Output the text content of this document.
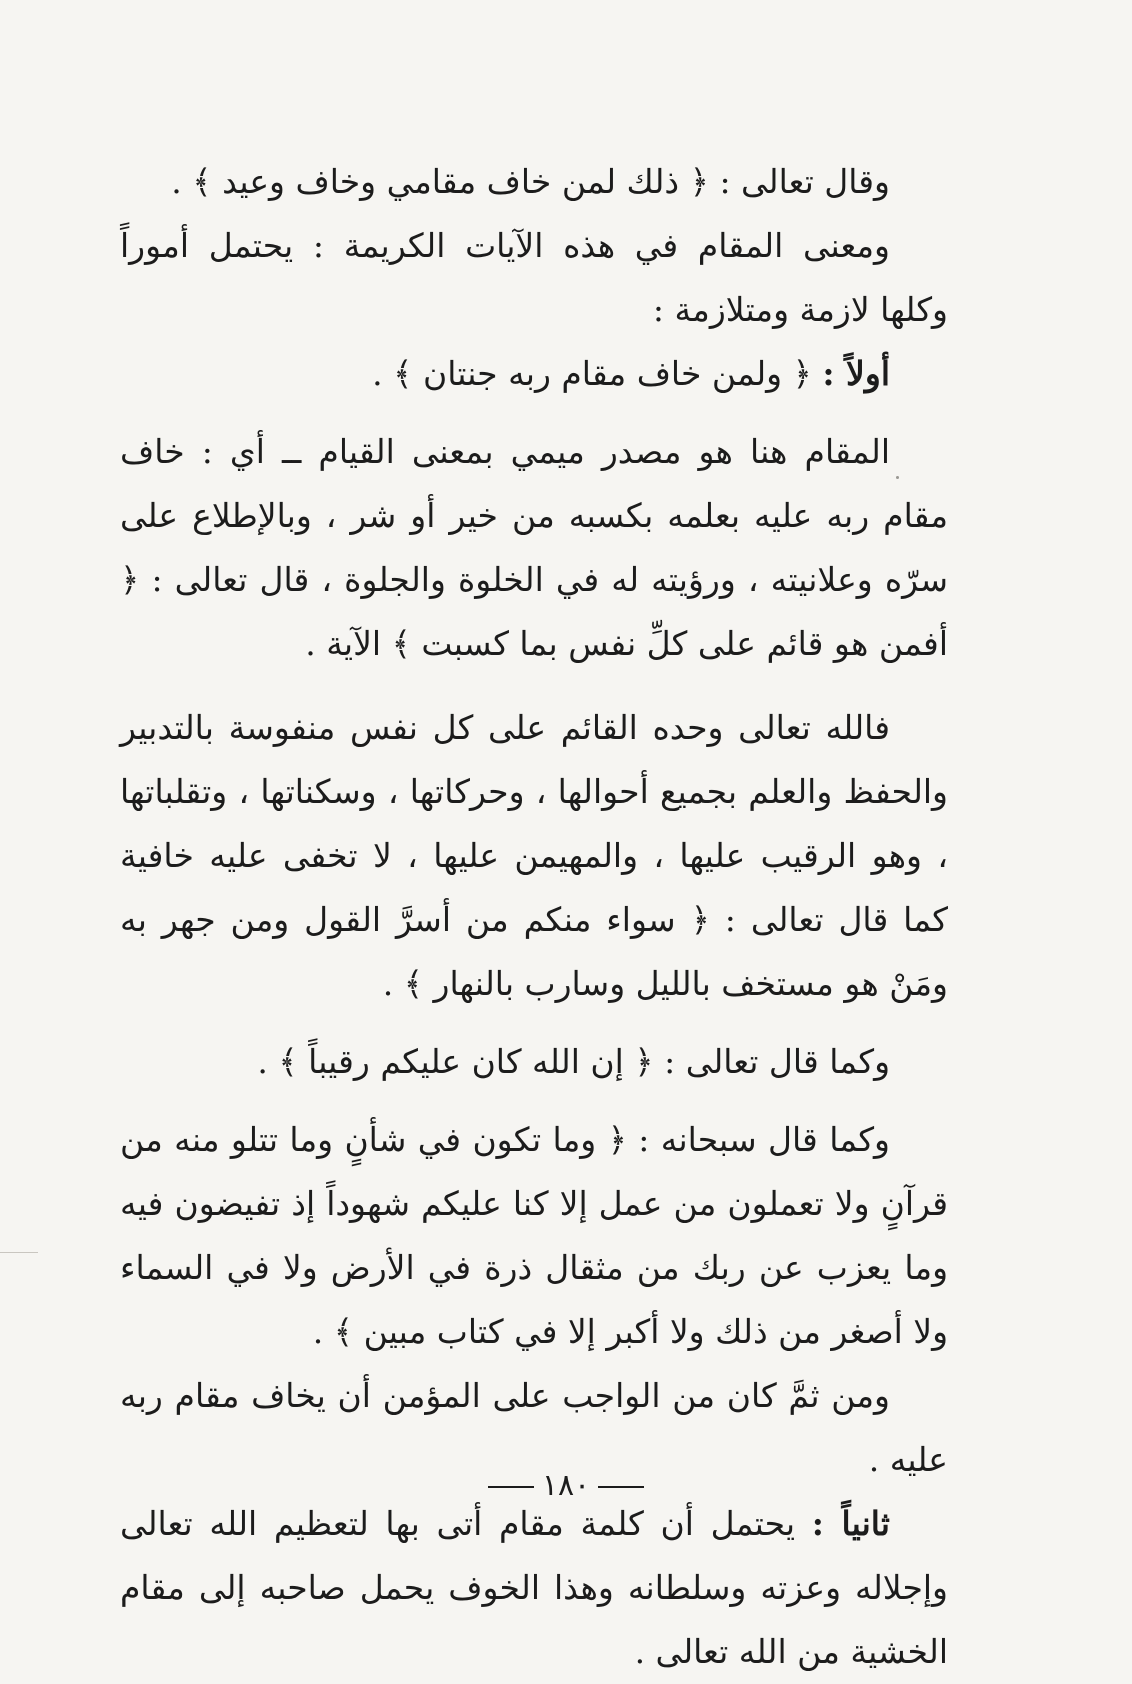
وقال تعالى : ﴿ ذلك لمن خاف مقامي وخاف وعيد ﴾ .

ومعنى المقام في هذه الآيات الكريمة : يحتمل أموراً وكلها لازمة ومتلازمة :

أولاً : ﴿ ولمن خاف مقام ربه جنتان ﴾ .

المقام هنا هو مصدر ميمي بمعنى القيام ــ أي : خاف مقام ربه عليه بعلمه بكسبه من خير أو شر ، وبالإطلاع على سرّه وعلانيته ، ورؤيته له في الخلوة والجلوة ، قال تعالى : ﴿ أفمن هو قائم على كلِّ نفس بما كسبت ﴾ الآية .

فالله تعالى وحده القائم على كل نفس منفوسة بالتدبير والحفظ والعلم بجميع أحوالها ، وحركاتها ، وسكناتها ، وتقلباتها ، وهو الرقيب عليها ، والمهيمن عليها ، لا تخفى عليه خافية كما قال تعالى : ﴿ سواء منكم من أسرَّ القول ومن جهر به ومَنْ هو مستخف بالليل وسارب بالنهار ﴾ .

وكما قال تعالى : ﴿ إن الله كان عليكم رقيباً ﴾ .

وكما قال سبحانه : ﴿ وما تكون في شأنٍ وما تتلو منه من قرآنٍ ولا تعملون من عمل إلا كنا عليكم شهوداً إذ تفيضون فيه وما يعزب عن ربك من مثقال ذرة في الأرض ولا في السماء ولا أصغر من ذلك ولا أكبر إلا في كتاب مبين ﴾ .

ومن ثمَّ كان من الواجب على المؤمن أن يخاف مقام ربه عليه .

ثانياً : يحتمل أن كلمة مقام أتى بها لتعظيم الله تعالى وإجلاله وعزته وسلطانه وهذا الخوف يحمل صاحبه إلى مقام الخشية من الله تعالى .

١٨٠
